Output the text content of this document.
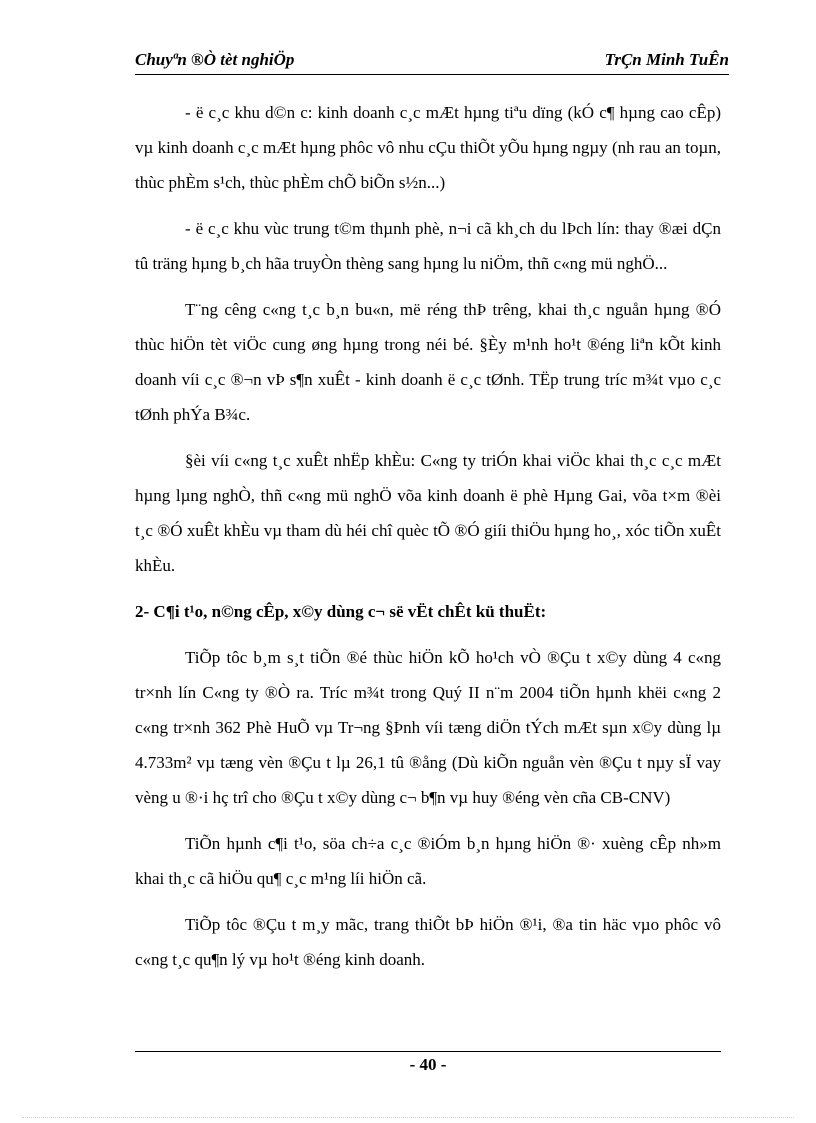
Chuyªn ®Ò tèt nghiÖp	TrÇn Minh TuÊn

- ë c¸c khu d©n c: kinh doanh c¸c mÆt hµng tiªu dïng (kÓ c¶ hµng cao cÊp) vµ kinh doanh c¸c mÆt hµng phôc vô nhu cÇu thiÕt yÕu hµng ngµy (nh rau an toµn, thùc phÈm s¹ch, thùc phÈm chÕ biÕn s½n...)

- ë c¸c khu vùc trung t©m thµnh phè, n¬i cã kh¸ch du lÞch lín: thay ®æi dÇn tû träng hµng b¸ch hãa truyÒn thèng sang hµng lu niÖm, thñ c«ng mü nghÖ...

T¨ng cêng c«ng t¸c b¸n bu«n, më réng thÞ trêng, khai th¸c nguån hµng ®Ó thùc hiÖn tèt viÖc cung øng hµng trong néi bé. §Èy m¹nh ho¹t ®éng liªn kÕt kinh doanh víi c¸c ®¬n vÞ s¶n xuÊt - kinh doanh ë c¸c tØnh. TËp trung tríc m¾t vµo c¸c tØnh phÝa B¾c.

§èi víi c«ng t¸c xuÊt nhËp khÈu: C«ng ty triÓn khai viÖc khai th¸c c¸c mÆt hµng lµng nghÒ, thñ c«ng mü nghÖ võa kinh doanh ë phè Hµng Gai, võa t×m ®èi t¸c ®Ó xuÊt khÈu vµ tham dù héi chî quèc tÕ ®Ó giíi thiÖu hµng ho¸, xóc tiÕn xuÊt khÈu.

2- C¶i t¹o, n©ng cÊp, x©y dùng c¬ së vËt chÊt kü thuËt:

TiÕp tôc b¸m s¸t tiÕn ®é thùc hiÖn kÕ ho¹ch vÒ ®Çu t x©y dùng 4 c«ng tr×nh lín C«ng ty ®Ò ra. Tríc m¾t trong Quý II n¨m 2004 tiÕn hµnh khëi c«ng 2 c«ng tr×nh 362 Phè HuÕ vµ Tr¬ng §Þnh víi tæng diÖn tÝch mÆt sµn x©y dùng lµ 4.733m² vµ tæng vèn ®Çu t lµ 26,1 tû ®ång (Dù kiÕn nguån vèn ®Çu t nµy sÏ vay vèng u ®·i hç trî cho ®Çu t x©y dùng c¬ b¶n vµ huy ®éng vèn cña CB-CNV)

TiÕn hµnh c¶i t¹o, söa ch÷a c¸c ®iÓm b¸n hµng hiÖn ®· xuèng cÊp nh»m khai th¸c cã hiÖu qu¶ c¸c m¹ng líi hiÖn cã.

TiÕp tôc ®Çu t m¸y mãc, trang thiÕt bÞ hiÖn ®¹i, ®a tin häc vµo phôc vô c«ng t¸c qu¶n lý vµ ho¹t ®éng kinh doanh.

- 40 -
